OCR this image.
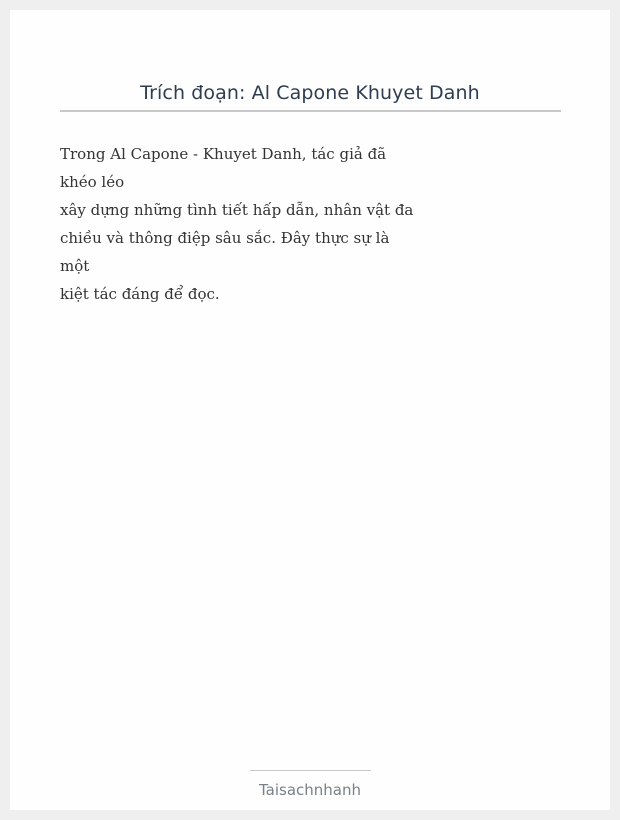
Trích đoạn: Al Capone Khuyet Danh
Trong Al Capone - Khuyet Danh, tác giả đã
khéo léo
xây dựng những tình tiết hấp dẫn, nhân vật đa
chiều và thông điệp sâu sắc. Đây thực sự là
một
kiệt tác đáng để đọc.
Taisachnhanh
